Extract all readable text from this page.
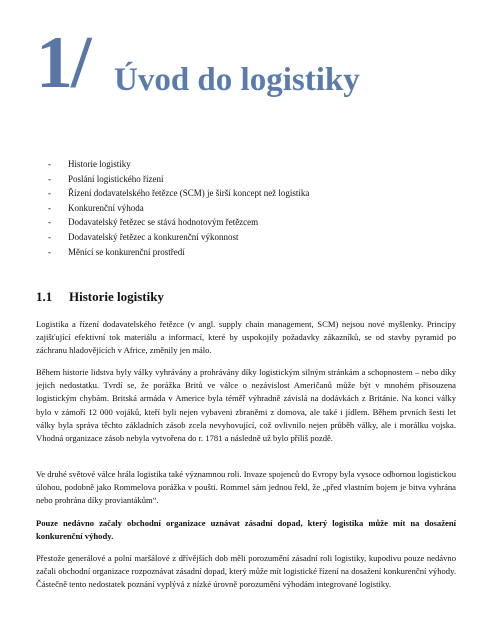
1/ Úvod do logistiky
-	Historie logistiky
-	Poslání logistického řízení
-	Řízení dodavatelského řetězce (SCM) je širší koncept než logistika
-	Konkurenční výhoda
-	Dodavatelský řetězec se stává hodnotovým řetězcem
-	Dodavatelský řetězec a konkurenční výkonnost
-	Měnící se konkurenční prostředí
1.1 Historie logistiky

Logistika a řízení dodavatelského řetězce (v angl. supply chain management, SCM) nejsou nové myšlenky. Principy zajišťující efektivní tok materiálu a informací, které by uspokojily požadavky zákazníků, se od stavby pyramid po záchranu hladovějících v Africe, změnily jen málo.

Během historie lidstva byly války vyhrávány a prohrávány díky logistickým silným stránkám a schopnostem – nebo díky jejich nedostatku. Tvrdí se, že porážka Britů ve válce o nezávislost Američanů může být v mnohém přisouzena logistickým chybám. Britská armáda v Americe byla téměř výhradně závislá na dodávkách z Británie. Na konci války bylo v zámoří 12 000 vojáků, kteří byli nejen vybaveni zbraněmi z domova, ale také i jídlem. Během prvních šesti let války byla správa těchto základních zásob zcela nevyhovující, což ovlivnilo nejen průběh války, ale i morálku vojska. Vhodná organizace zásob nebyla vytvořena do r. 1781 a následně už bylo příliš pozdě.

Ve druhé světové válce hrála logistika také významnou roli. Invaze spojenců do Evropy byla vysoce odbornou logistickou úlohou, podobně jako Rommelova porážka v poušti. Rommel sám jednou řekl, že „před vlastním bojem je bitva vyhrána nebo prohrána díky proviantákům“.

Pouze nedávno začaly obchodní organizace uznávat zásadní dopad, který logistika může mít na dosažení konkurenční výhody.

Přestože generálové a polní maršálové z dřívějších dob měli porozumění zásadní roli logistiky, kupodivu pouze nedávno začali obchodní organizace rozpoznávat zásadní dopad, který může mít logistické řízení na dosažení konkurenční výhody. Částečně tento nedostatek poznání vyplývá z nízké úrovně porozumění výhodám integrované logistiky.
